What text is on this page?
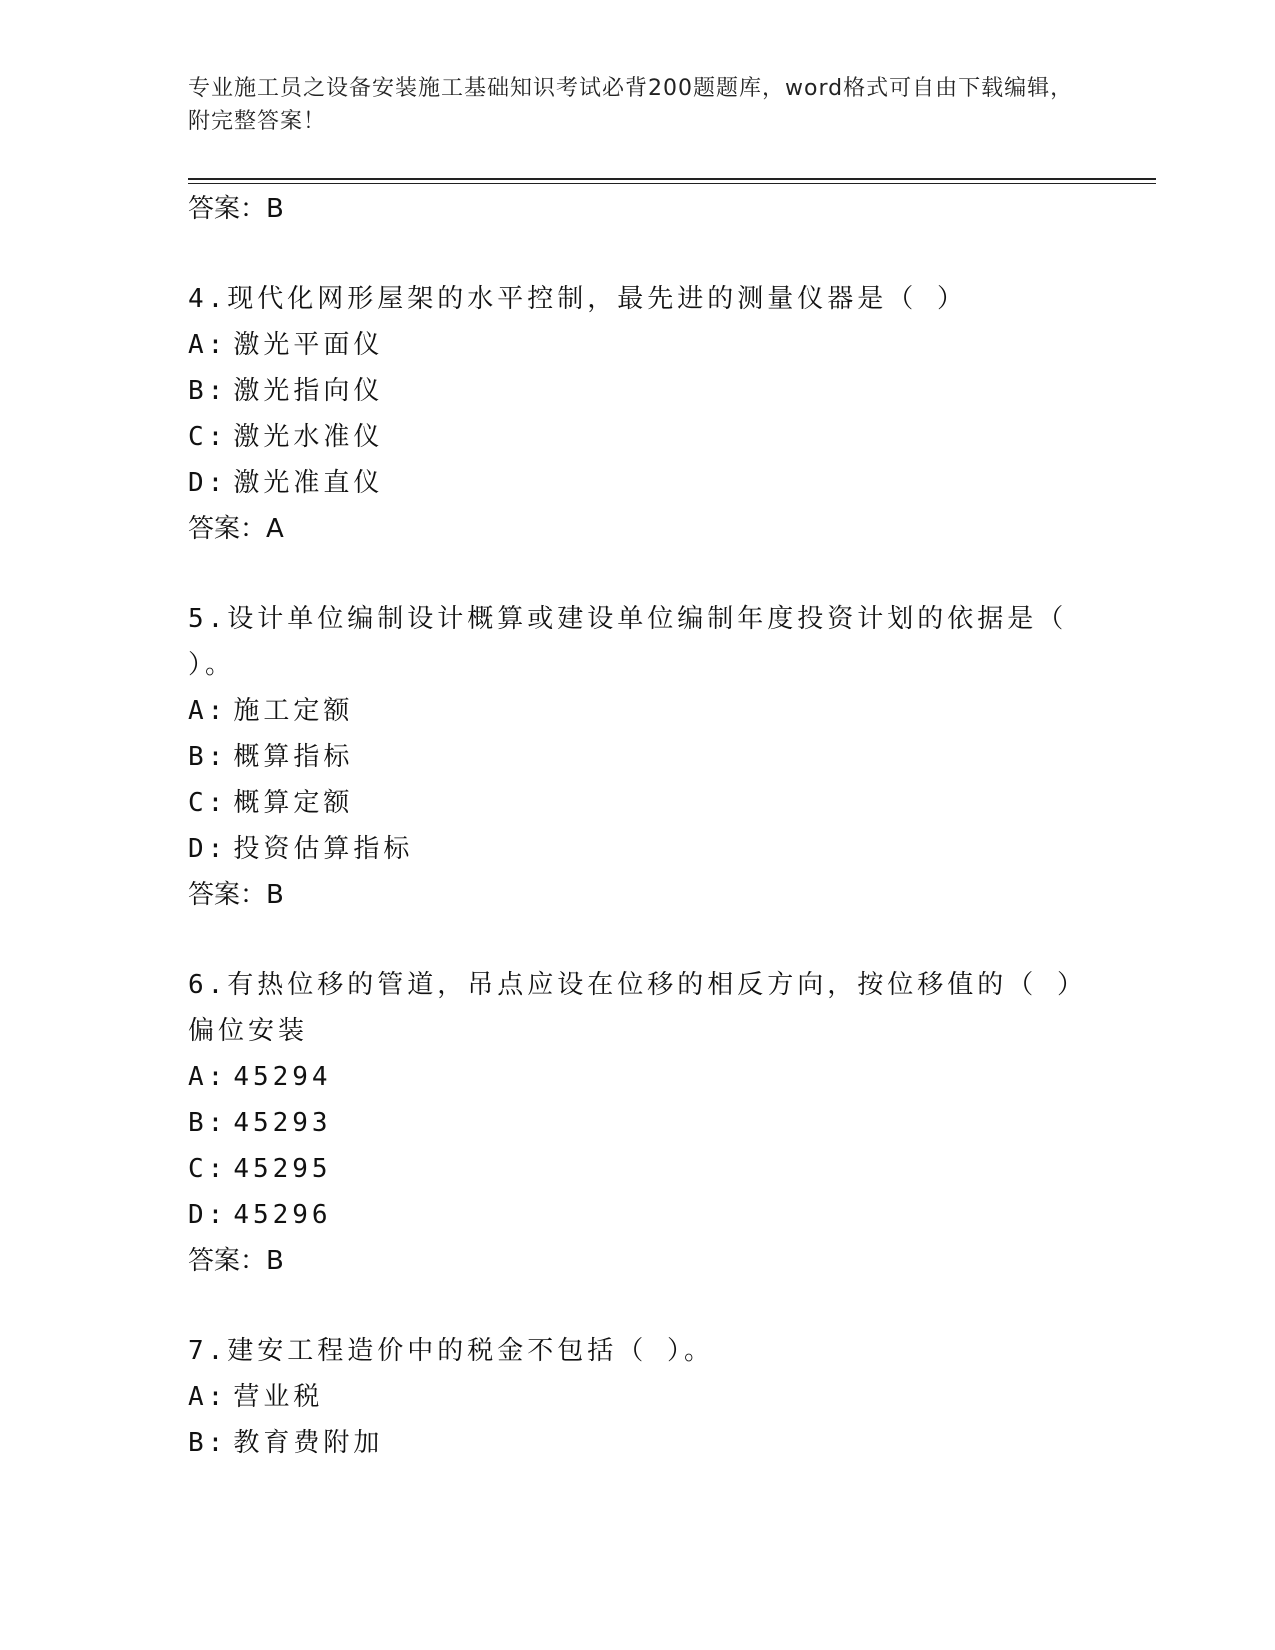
专业施工员之设备安装施工基础知识考试必背200题题库，word格式可自由下载编辑，附完整答案！
答案：B
4.现代化网形屋架的水平控制，最先进的测量仪器是（ ）
A: 激光平面仪
B: 激光指向仪
C: 激光水准仪
D: 激光准直仪
答案：A
5.设计单位编制设计概算或建设单位编制年度投资计划的依据是（ ）。
A: 施工定额
B: 概算指标
C: 概算定额
D: 投资估算指标
答案：B
6.有热位移的管道，吊点应设在位移的相反方向，按位移值的（ ）偏位安装
A: 45294
B: 45293
C: 45295
D: 45296
答案：B
7.建安工程造价中的税金不包括（ ）。
A: 营业税
B: 教育费附加
